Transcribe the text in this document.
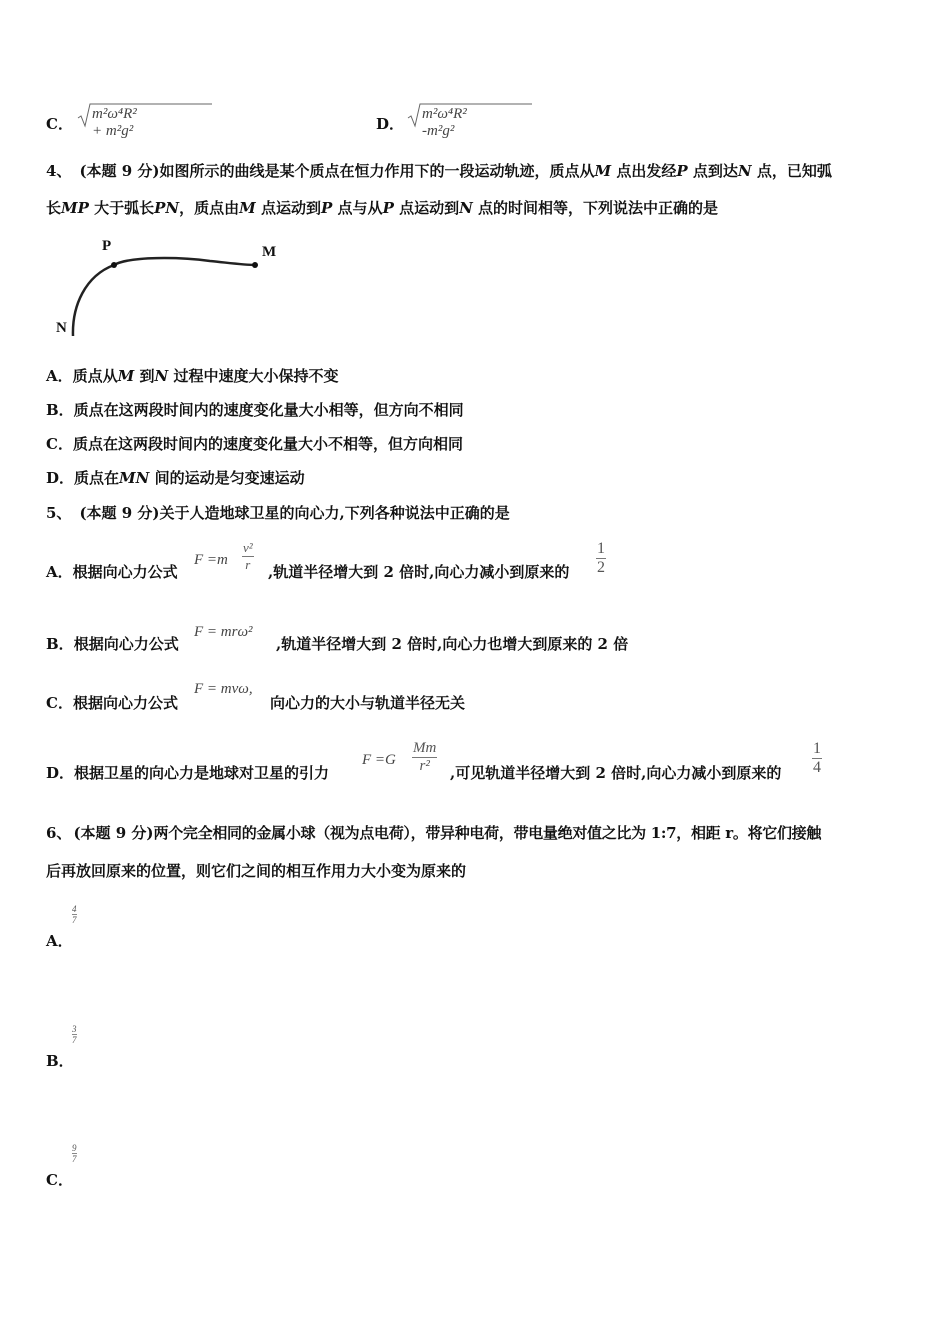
C．
m²ω⁴R² + m²g²	D．
m²ω⁴R² -m²g²
4、 (本题 9 分)如图所示的曲线是某个质点在恒力作用下的一段运动轨迹，质点从M 点出发经P 点到达N 点，已知弧
长MP 大于弧长PN，质点由M 点运动到P 点与从P 点运动到N 点的时间相等，下列说法中正确的是
P	M
N
A．质点从M 到N 过程中速度大小保持不变
B．质点在这两段时间内的速度变化量大小相等，但方向不相同
C．质点在这两段时间内的速度变化量大小不相等，但方向相同
D．质点在MN 间的运动是匀变速运动
5、 (本题 9 分)关于人造地球卫星的向心力,下列各种说法中正确的是
A．根据向心力公式
$F =m \frac{\text{v²}}{r}$ ,轨道半径增大到 2 倍时,向心力减小到原来的 $\frac{1}{2}$
B．根据向心力公式
F = mrω²
,轨道半径增大到 2 倍时,向心力也增大到原来的 2 倍
C．根据向心力公式
F = mvω,
向心力的大小与轨道半径无关
D．根据卫星的向心力是地球对卫星的引力
$F =G \frac{Mm}{\text{r²}}$ ,可见轨道半径增大到 2 倍时,向心力减小到原来的 $\frac{1}{4}$
6、 (本题 9 分)两个完全相同的金属小球（视为点电荷），带异种电荷，带电量绝对值之比为 1:7，相距 r。将它们接触
后再放回原来的位置，则它们之间的相互作用力大小变为原来的
$\frac{4}{7}$
A．
$\frac{3}{7}$
B．
$\frac{9}{7}$
C．
